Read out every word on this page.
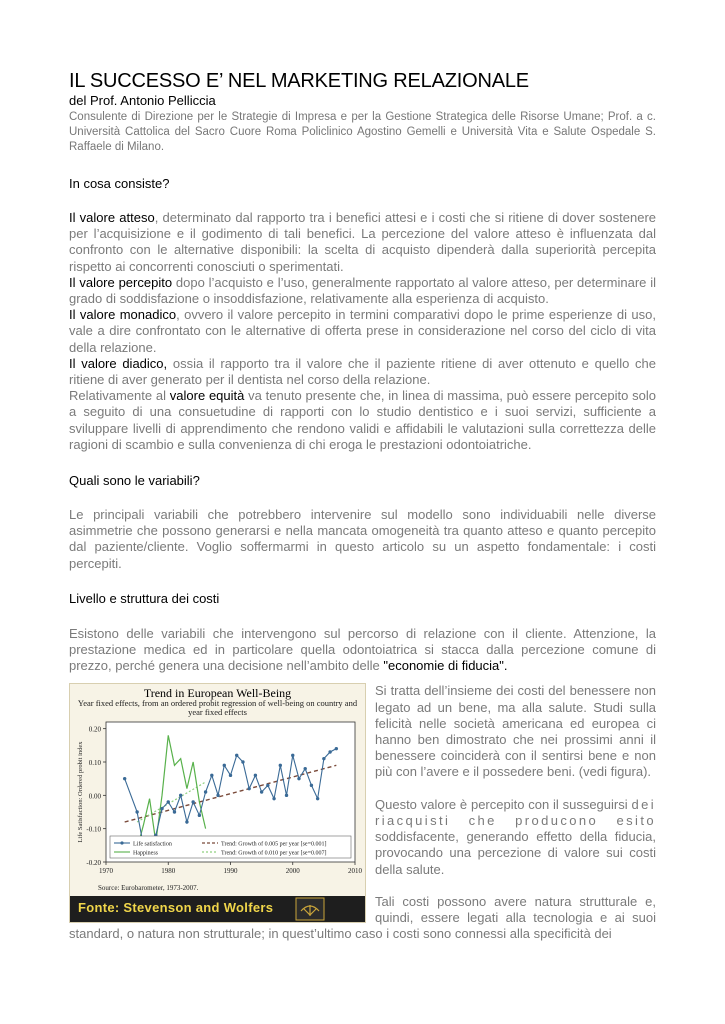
IL SUCCESSO E’ NEL MARKETING RELAZIONALE
del Prof. Antonio Pelliccia
Consulente di Direzione per le Strategie di Impresa e per la Gestione Strategica delle Risorse Umane; Prof. a c. Università Cattolica del Sacro Cuore Roma Policlinico Agostino Gemelli e Università Vita e Salute Ospedale S. Raffaele di Milano.
In cosa consiste?

Il valore atteso, determinato dal rapporto tra i benefici attesi e i costi che si ritiene di dover sostenere per l’acquisizione e il godimento di tali benefici. La percezione del valore atteso è influenzata dal confronto con le alternative disponibili: la scelta di acquisto dipenderà dalla superiorità percepita rispetto ai concorrenti conosciuti o sperimentati.

Il valore percepito dopo l’acquisto e l’uso, generalmente rapportato al valore atteso, per determinare il grado di soddisfazione o insoddisfazione, relativamente alla esperienza di acquisto.

Il valore monadico, ovvero il valore percepito in termini comparativi dopo le prime esperienze di uso, vale a dire confrontato con le alternative di offerta prese in considerazione nel corso del ciclo di vita della relazione.

Il valore diadico, ossia il rapporto tra il valore che il paziente ritiene di aver ottenuto e quello che ritiene di aver generato per il dentista nel corso della relazione.

Relativamente al valore equità va tenuto presente che, in linea di massima, può essere percepito solo a seguito di una consuetudine di rapporti con lo studio dentistico e i suoi servizi, sufficiente a sviluppare livelli di apprendimento che rendono validi e affidabili le valutazioni sulla correttezza delle ragioni di scambio e sulla convenienza di chi eroga le prestazioni odontoiatriche.

Quali sono le variabili?

Le principali variabili che potrebbero intervenire sul modello sono individuabili nelle diverse asimmetrie che possono generarsi e nella mancata omogeneità tra quanto atteso e quanto percepito dal paziente/cliente. Voglio soffermarmi in questo articolo su un aspetto fondamentale: i costi percepiti.

Livello e struttura dei costi

Esistono delle variabili che intervengono sul percorso di relazione con il cliente. Attenzione, la prestazione medica ed in particolare quella odontoiatrica si stacca dalla percezione comune di prezzo, perché genera una decisione nell’ambito delle "economie di fiducia".

-0.20
-0.10
0.00
0.10
0.20
1970	1980	1990	2000	2010
Life Satisfaction: Ordered probit index
Life satisfaction
Happiness
Trend: Growth of 0.005 per year [se=0.001]
Trend: Growth of 0.010 per year [se=0.007]
Trend in European Well-Being
Year fixed effects, from an ordered probit regression of well-being on country and year fixed effects
Source: Eurobarometer, 1973-2007.
Fonte: Stevenson and Wolfers

Si tratta dell’insieme dei costi del benessere non legato ad un bene, ma alla salute. Studi sulla felicità nelle società americana ed europea ci hanno ben dimostrato che nei prossimi anni il benessere coinciderà con il sentirsi bene e non più con l’avere e il possedere beni. (vedi figura).

Questo valore è percepito con il susseguirsi dei riacquisti che producono esito soddisfacente, generando effetto della fiducia, provocando una percezione di valore sui costi della salute.

Tali costi possono avere natura strutturale e, quindi, essere legati alla tecnologia e ai suoi standard, o natura non strutturale; in quest’ultimo caso i costi sono connessi alla specificità dei
